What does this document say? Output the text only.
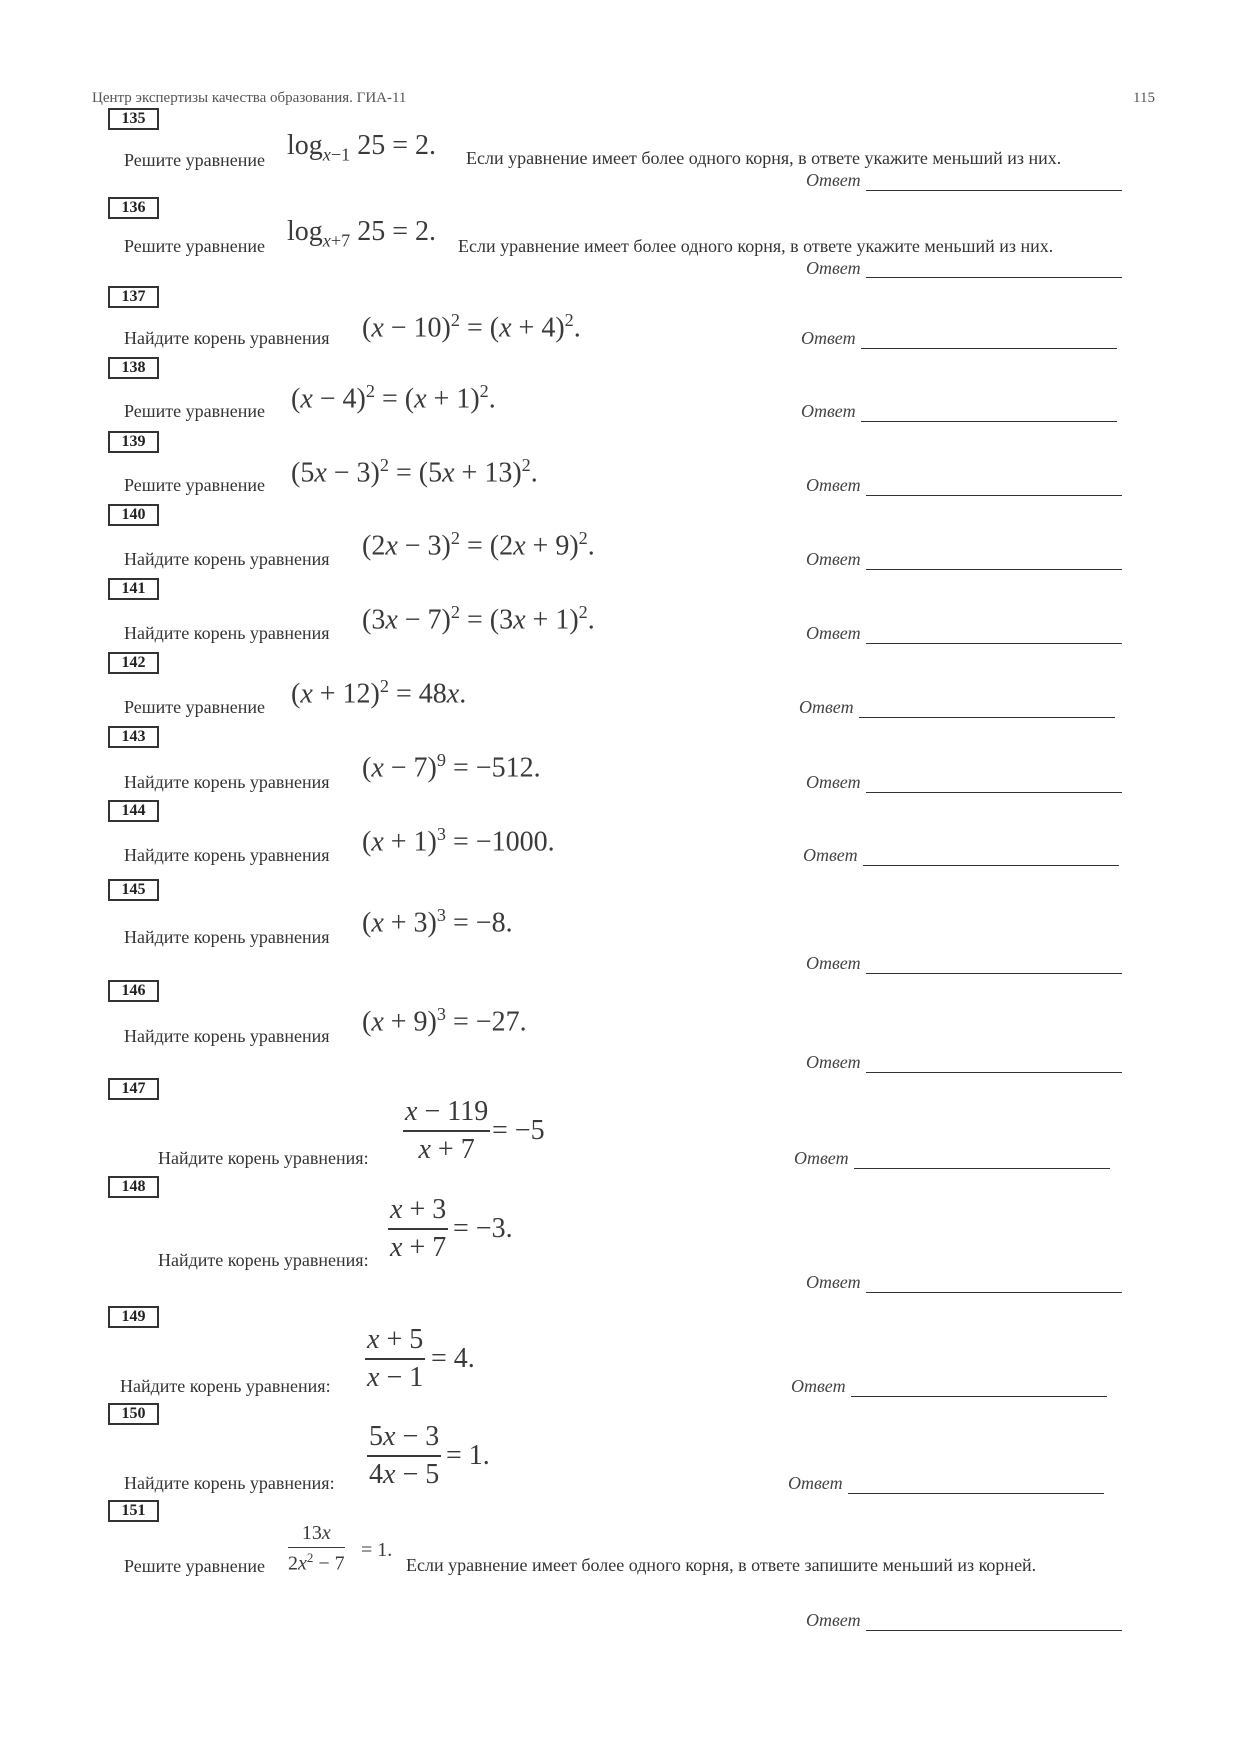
Центр экспертизы качества образования. ГИА-11	115
135
Решите уравнение $\log_{x-1} 25 = 2$. Если уравнение имеет более одного корня, в ответе укажите меньший из них.
Ответ
136
Решите уравнение $\log_{x+7} 25 = 2$. Если уравнение имеет более одного корня, в ответе укажите меньший из них.
Ответ
137
Найдите корень уравнения $(x - 10)^2 = (x + 4)^2$.	Ответ
138
Решите уравнение $(x - 4)^2 = (x + 1)^2$.	Ответ
139
Решите уравнение $(5x - 3)^2 = (5x + 13)^2$.	Ответ
140
Найдите корень уравнения $(2x - 3)^2 = (2x + 9)^2$.	Ответ
141
Найдите корень уравнения $(3x - 7)^2 = (3x + 1)^2$.	Ответ
142
Решите уравнение $(x + 12)^2 = 48x$.	Ответ
143
Найдите корень уравнения $(x - 7)^9 = -512$.	Ответ
144
Найдите корень уравнения $(x + 1)^3 = -1000$.	Ответ
145
Найдите корень уравнения $(x + 3)^3 = -8$.
Ответ
146
Найдите корень уравнения $(x + 9)^3 = -27$.
Ответ
147
Найдите корень уравнения:
x − 119
x + 7
= −5
Ответ
148
Найдите корень уравнения:
x + 3
x + 7
= −3.
Ответ
149
Найдите корень уравнения:
x + 5
x − 1
= 4.
Ответ
150
Найдите корень уравнения:
5x − 3
4x − 5
= 1.
Ответ
151
Решите уравнение
13x
$2x^2 - 7$
= 1.
Если уравнение имеет более одного корня, в ответе запишите меньший из корней.
Ответ
